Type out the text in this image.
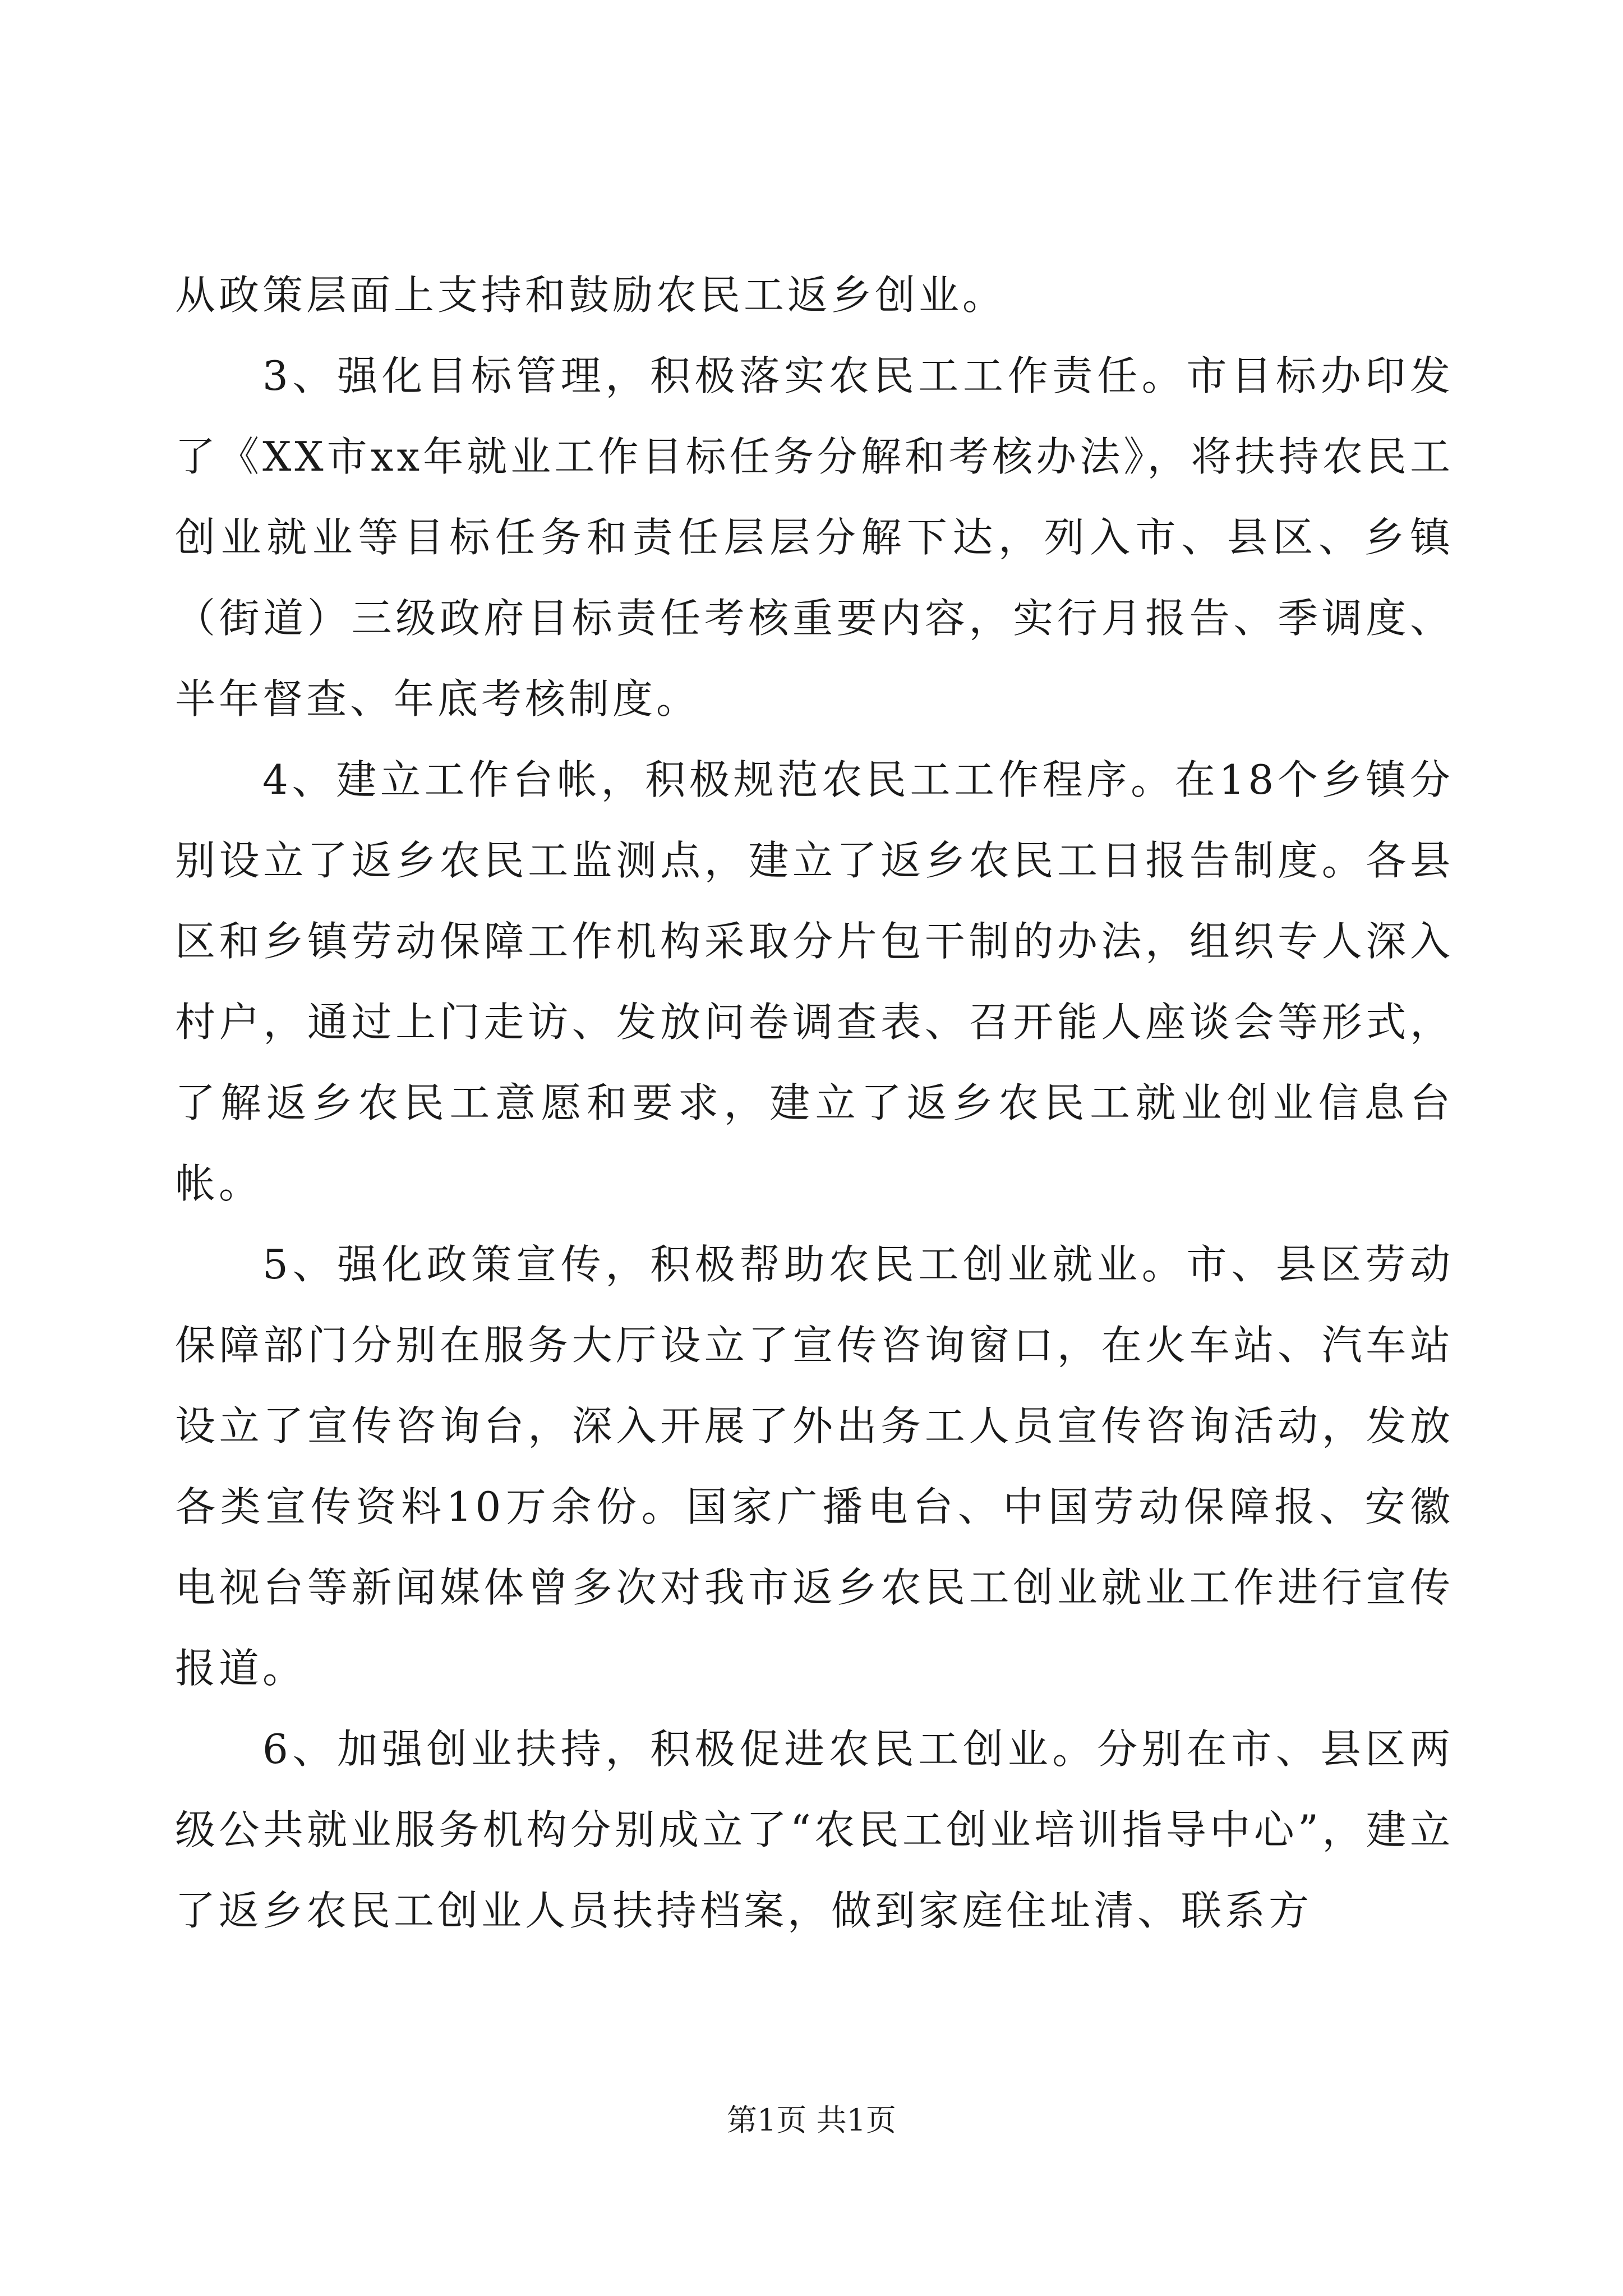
从政策层面上支持和鼓励农民工返乡创业。

3、强化目标管理，积极落实农民工工作责任。市目标办印发了《XX市xx年就业工作目标任务分解和考核办法》，将扶持农民工创业就业等目标任务和责任层层分解下达，列入市、县区、乡镇（街道）三级政府目标责任考核重要内容，实行月报告、季调度、半年督查、年底考核制度。

4、建立工作台帐，积极规范农民工工作程序。在18个乡镇分别设立了返乡农民工监测点，建立了返乡农民工日报告制度。各县区和乡镇劳动保障工作机构采取分片包干制的办法，组织专人深入村户，通过上门走访、发放问卷调查表、召开能人座谈会等形式，了解返乡农民工意愿和要求，建立了返乡农民工就业创业信息台帐。

5、强化政策宣传，积极帮助农民工创业就业。市、县区劳动保障部门分别在服务大厅设立了宣传咨询窗口，在火车站、汽车站设立了宣传咨询台，深入开展了外出务工人员宣传咨询活动，发放各类宣传资料10万余份。国家广播电台、中国劳动保障报、安徽电视台等新闻媒体曾多次对我市返乡农民工创业就业工作进行宣传报道。

6、加强创业扶持，积极促进农民工创业。分别在市、县区两级公共就业服务机构分别成立了“农民工创业培训指导中心”，建立了返乡农民工创业人员扶持档案，做到家庭住址清、联系方

第1页 共1页
